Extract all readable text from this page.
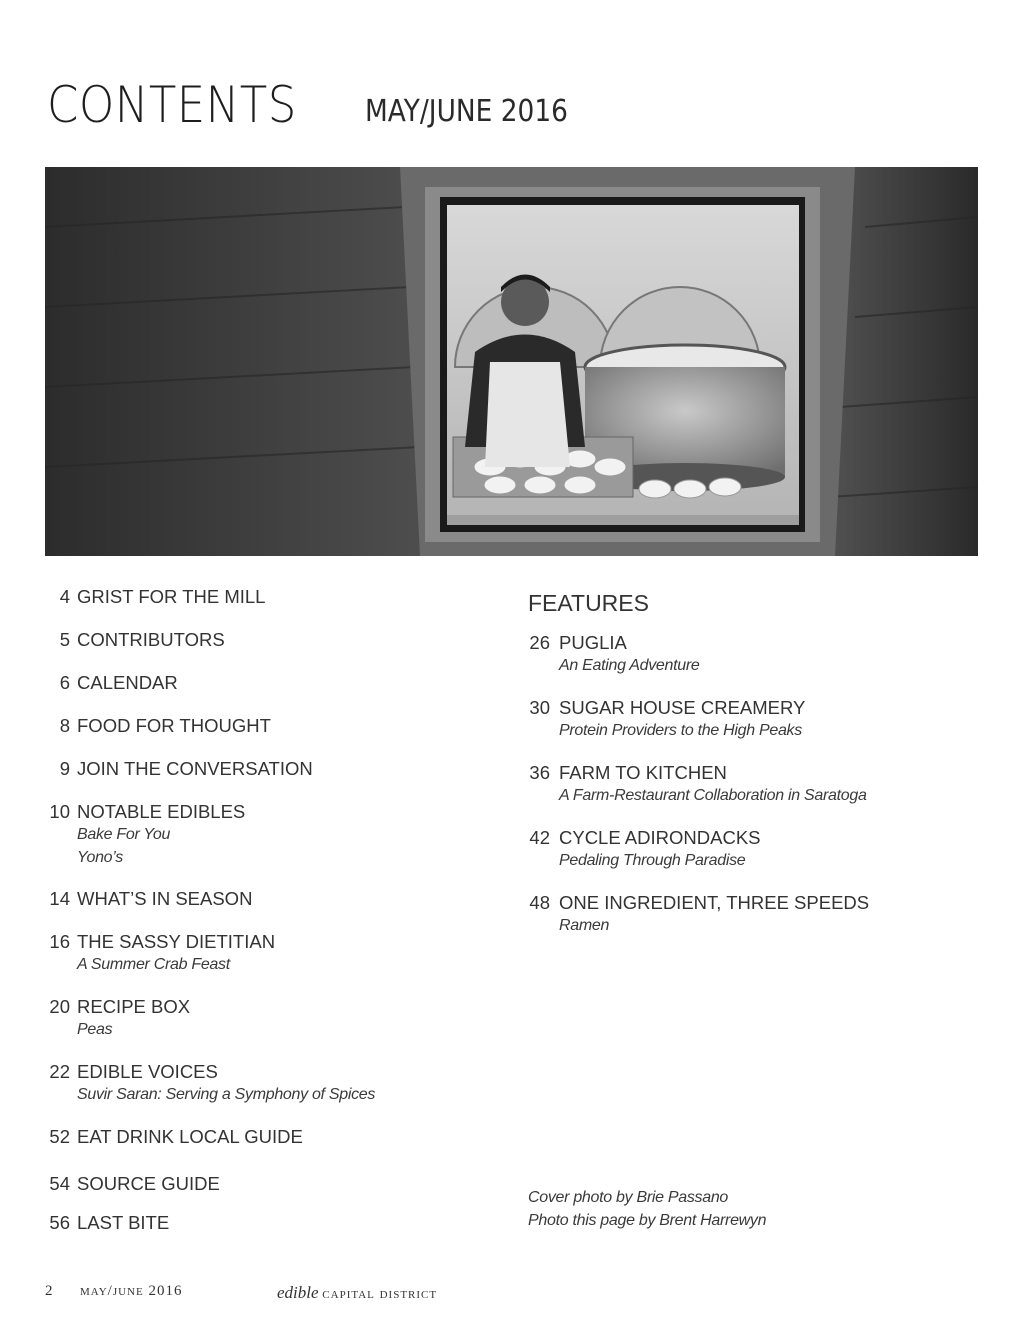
CONTENTS MAY/JUNE 2016
4 GRIST FOR THE MILL
5 CONTRIBUTORS
6 CALENDAR
8 FOOD FOR THOUGHT
9 JOIN THE CONVERSATION
10 NOTABLE EDIBLES
Bake For You
Yono’s
14 WHAT’S IN SEASON
16 THE SASSY DIETITIAN
A Summer Crab Feast
20 RECIPE BOX
Peas
22 EDIBLE VOICES
Suvir Saran: Serving a Symphony of Spices
52 EAT DRINK LOCAL GUIDE
54 SOURCE GUIDE
56 LAST BITE
FEATURES
26 PUGLIA
An Eating Adventure
30 SUGAR HOUSE CREAMERY
Protein Providers to the High Peaks
36 FARM TO KITCHEN
A Farm-Restaurant Collaboration in Saratoga
42 CYCLE ADIRONDACKS
Pedaling Through Paradise
48 ONE INGREDIENT, THREE SPEEDS
Ramen
Cover photo by Brie Passano
Photo this page by Brent Harrewyn
2 may/june 2016	edible capital district
